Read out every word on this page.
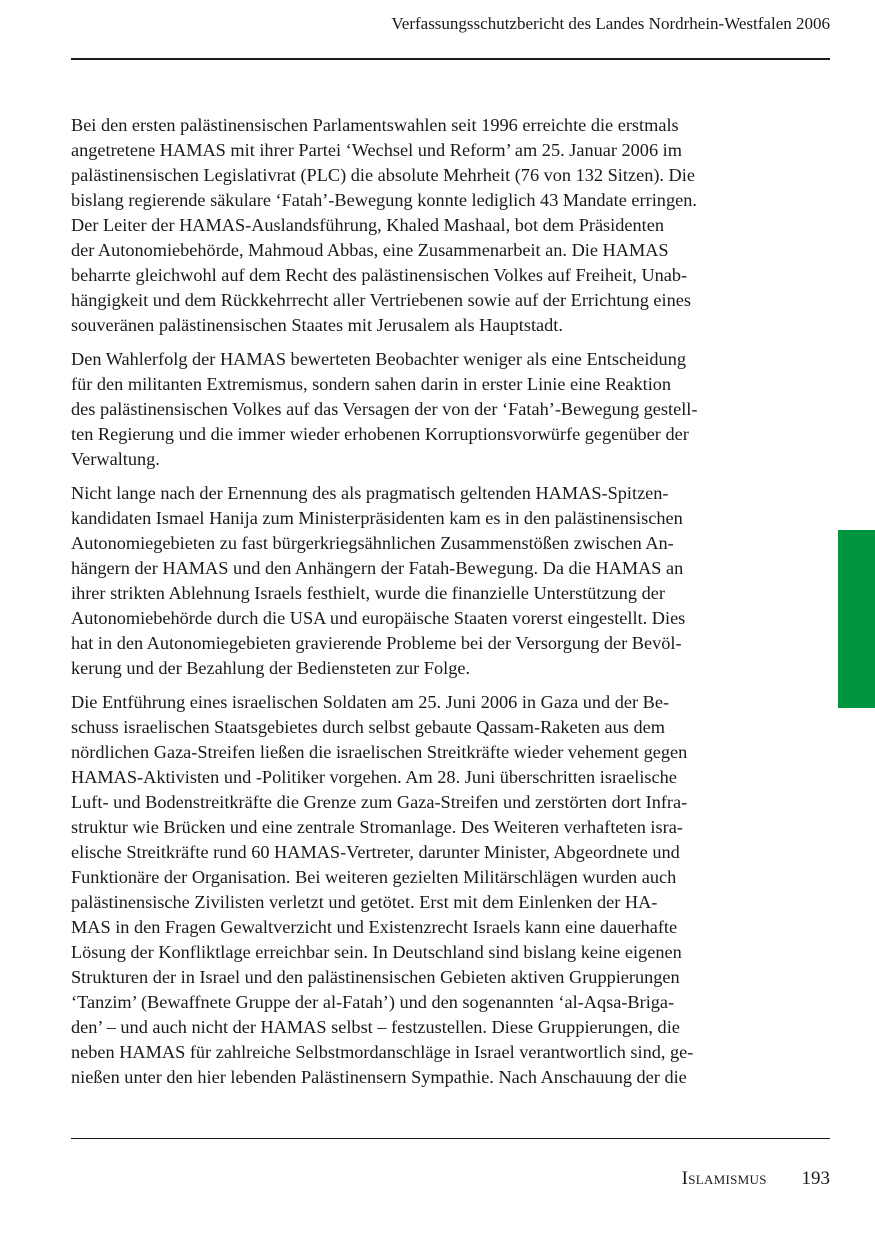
Verfassungsschutzbericht des Landes Nordrhein-Westfalen 2006

Bei den ersten palästinensischen Parlamentswahlen seit 1996 erreichte die erstmals
angetretene HAMAS mit ihrer Partei ‘Wechsel und Reform’ am 25. Januar 2006 im
palästinensischen Legislativrat (PLC) die absolute Mehrheit (76 von 132 Sitzen). Die
bislang regierende säkulare ‘Fatah’-Bewegung konnte lediglich 43 Mandate erringen.
Der Leiter der HAMAS-Auslandsführung, Khaled Mashaal, bot dem Präsidenten
der Autonomiebehörde, Mahmoud Abbas, eine Zusammenarbeit an. Die HAMAS
beharrte gleichwohl auf dem Recht des palästinensischen Volkes auf Freiheit, Unab-
hängigkeit und dem Rückkehrrecht aller Vertriebenen sowie auf der Errichtung eines
souveränen palästinensischen Staates mit Jerusalem als Hauptstadt.

Den Wahlerfolg der HAMAS bewerteten Beobachter weniger als eine Entscheidung
für den militanten Extremismus, sondern sahen darin in erster Linie eine Reaktion
des palästinensischen Volkes auf das Versagen der von der ‘Fatah’-Bewegung gestell-
ten Regierung und die immer wieder erhobenen Korruptionsvorwürfe gegenüber der
Verwaltung.

Nicht lange nach der Ernennung des als pragmatisch geltenden HAMAS-Spitzen-
kandidaten Ismael Hanija zum Ministerpräsidenten kam es in den palästinensischen
Autonomiegebieten zu fast bürgerkriegsähnlichen Zusammenstößen zwischen An-
hängern der HAMAS und den Anhängern der Fatah-Bewegung. Da die HAMAS an
ihrer strikten Ablehnung Israels festhielt, wurde die finanzielle Unterstützung der
Autonomiebehörde durch die USA und europäische Staaten vorerst eingestellt. Dies
hat in den Autonomiegebieten gravierende Probleme bei der Versorgung der Bevöl-
kerung und der Bezahlung der Bediensteten zur Folge.

Die Entführung eines israelischen Soldaten am 25. Juni 2006 in Gaza und der Be-
schuss israelischen Staatsgebietes durch selbst gebaute Qassam-Raketen aus dem
nördlichen Gaza-Streifen ließen die israelischen Streitkräfte wieder vehement gegen
HAMAS-Aktivisten und -Politiker vorgehen. Am 28. Juni überschritten israelische
Luft- und Bodenstreitkräfte die Grenze zum Gaza-Streifen und zerstörten dort Infra-
struktur wie Brücken und eine zentrale Stromanlage. Des Weiteren verhafteten isra-
elische Streitkräfte rund 60 HAMAS-Vertreter, darunter Minister, Abgeordnete und
Funktionäre der Organisation. Bei weiteren gezielten Militärschlägen wurden auch
palästinensische Zivilisten verletzt und getötet. Erst mit dem Einlenken der HA-
MAS in den Fragen Gewaltverzicht und Existenzrecht Israels kann eine dauerhafte
Lösung der Konfliktlage erreichbar sein. In Deutschland sind bislang keine eigenen
Strukturen der in Israel und den palästinensischen Gebieten aktiven Gruppierungen
‘Tanzim’ (Bewaffnete Gruppe der al-Fatah’) und den sogenannten ‘al-Aqsa-Briga-
den’ – und auch nicht der HAMAS selbst – festzustellen. Diese Gruppierungen, die
neben HAMAS für zahlreiche Selbstmordanschläge in Israel verantwortlich sind, ge-
nießen unter den hier lebenden Palästinensern Sympathie. Nach Anschauung der die

Islamismus 193
